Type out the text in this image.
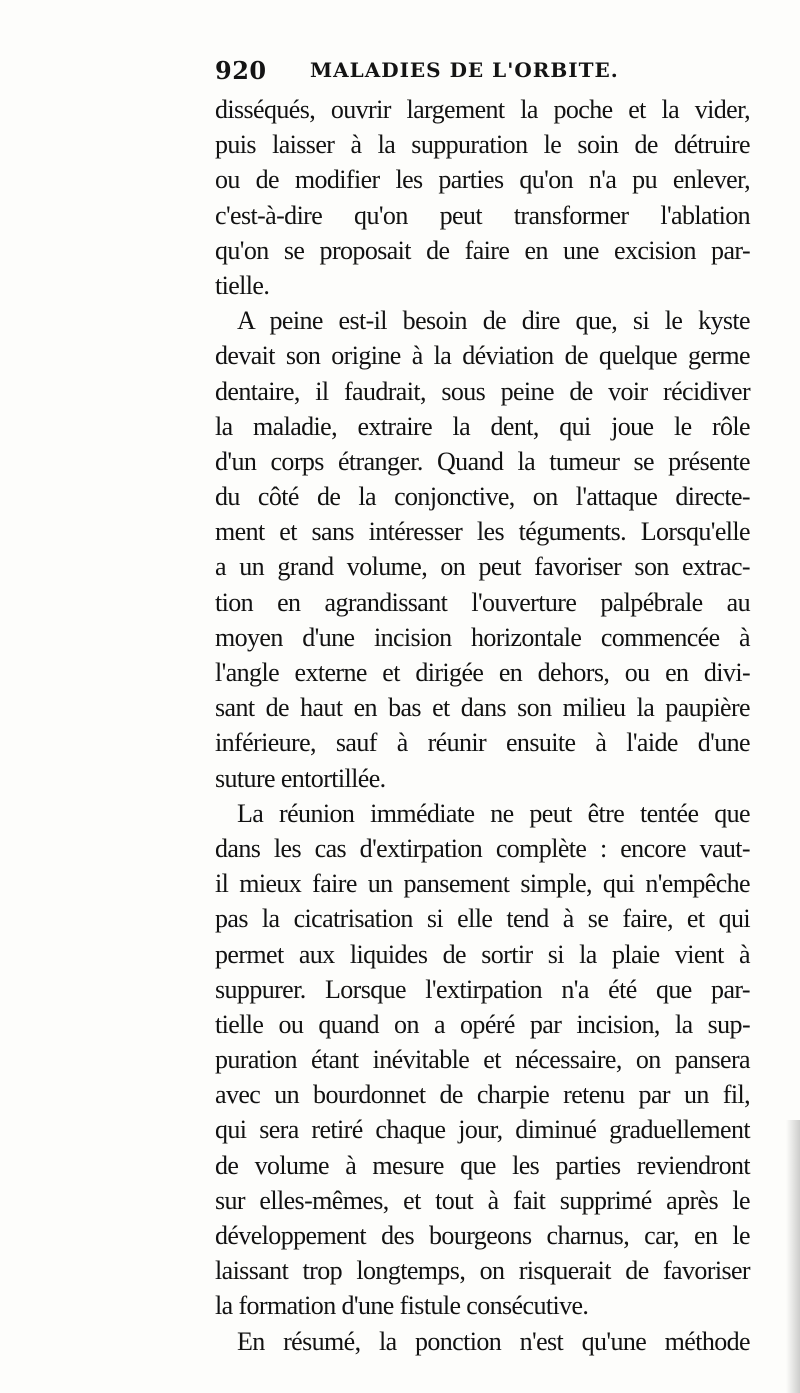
920 MALADIES DE L'ORBITE.
disséqués, ouvrir largement la poche et la vider,
puis laisser à la suppuration le soin de détruire
ou de modifier les parties qu'on n'a pu enlever,
c'est-à-dire qu'on peut transformer l'ablation
qu'on se proposait de faire en une excision par-
tielle.
A peine est-il besoin de dire que, si le kyste
devait son origine à la déviation de quelque germe
dentaire, il faudrait, sous peine de voir récidiver
la maladie, extraire la dent, qui joue le rôle
d'un corps étranger. Quand la tumeur se présente
du côté de la conjonctive, on l'attaque directe-
ment et sans intéresser les téguments. Lorsqu'elle
a un grand volume, on peut favoriser son extrac-
tion en agrandissant l'ouverture palpébrale au
moyen d'une incision horizontale commencée à
l'angle externe et dirigée en dehors, ou en divi-
sant de haut en bas et dans son milieu la paupière
inférieure, sauf à réunir ensuite à l'aide d'une
suture entortillée.
La réunion immédiate ne peut être tentée que
dans les cas d'extirpation complète : encore vaut-
il mieux faire un pansement simple, qui n'empêche
pas la cicatrisation si elle tend à se faire, et qui
permet aux liquides de sortir si la plaie vient à
suppurer. Lorsque l'extirpation n'a été que par-
tielle ou quand on a opéré par incision, la sup-
puration étant inévitable et nécessaire, on pansera
avec un bourdonnet de charpie retenu par un fil,
qui sera retiré chaque jour, diminué graduellement
de volume à mesure que les parties reviendront
sur elles-mêmes, et tout à fait supprimé après le
développement des bourgeons charnus, car, en le
laissant trop longtemps, on risquerait de favoriser
la formation d'une fistule consécutive.
En résumé, la ponction n'est qu'une méthode
